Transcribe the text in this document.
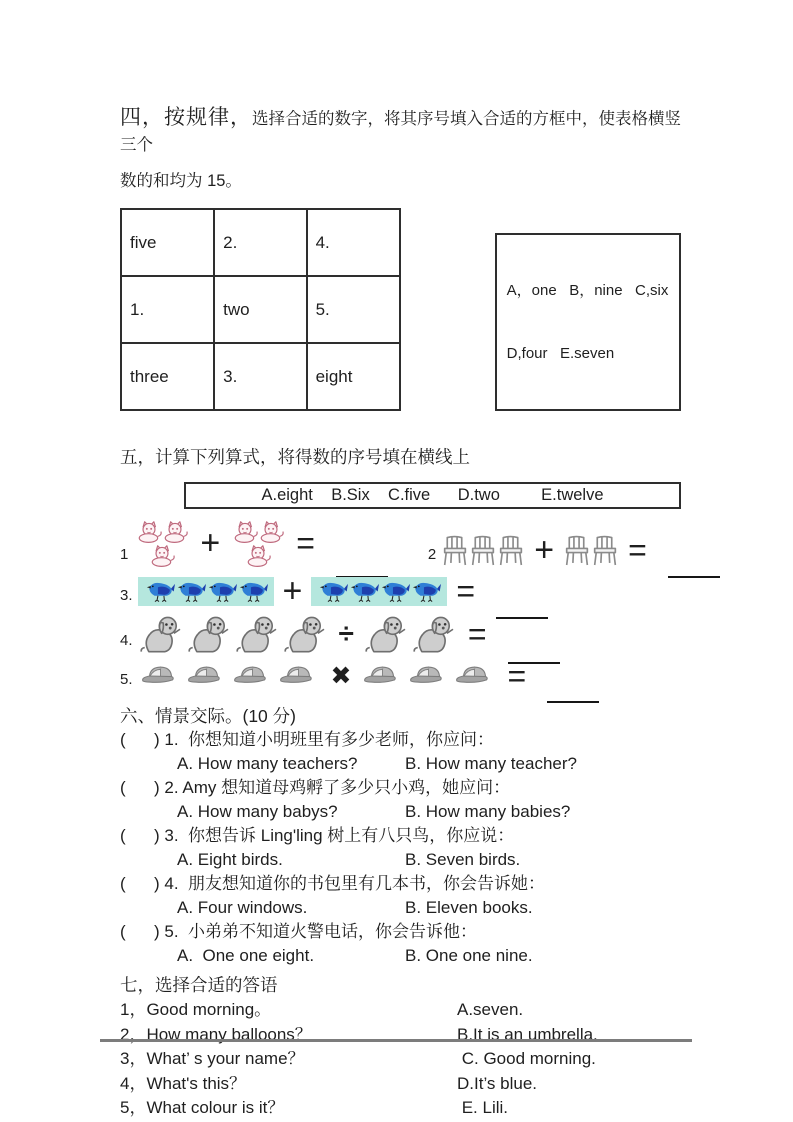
四，按规律，选择合适的数字，将其序号填入合适的方框中，使表格横竖三个
数的和均为 15。
five	2.	4.
1.	two	5.
three	3.	eight

A，one   B，nine   C,six

D,four   E.seven

五，计算下列算式，将得数的序号填在横线上
A.eight    B.Six    C.five      D.two         E.twelve
1 + =	2	+ =
3.	+	=
4.	÷	=
5.	✖	=
六、情景交际。(10 分)
(      ) 1.  你想知道小明班里有多少老师，你应问：
A. How many teachers?	B. How many teacher?
(      ) 2. Amy 想知道母鸡孵了多少只小鸡，她应问：
A. How many babys?	B. How many babies?
(      ) 3.  你想告诉 Ling'ling 树上有八只鸟，你应说：
A. Eight birds.	B. Seven birds.
(      ) 4.  朋友想知道你的书包里有几本书，你会告诉她：
A. Four windows.	B. Eleven books.
(      ) 5.  小弟弟不知道火警电话，你会告诉他：
A.  One one eight.	B. One one nine.
七，选择合适的答语
1，Good morning。	A.seven.
2，How many balloons？	B.It is an umbrella.
3，What’ s your name？	C. Good morning.
4，What's this？	D.It’s blue.
5，What colour is it？	E. Lili.
